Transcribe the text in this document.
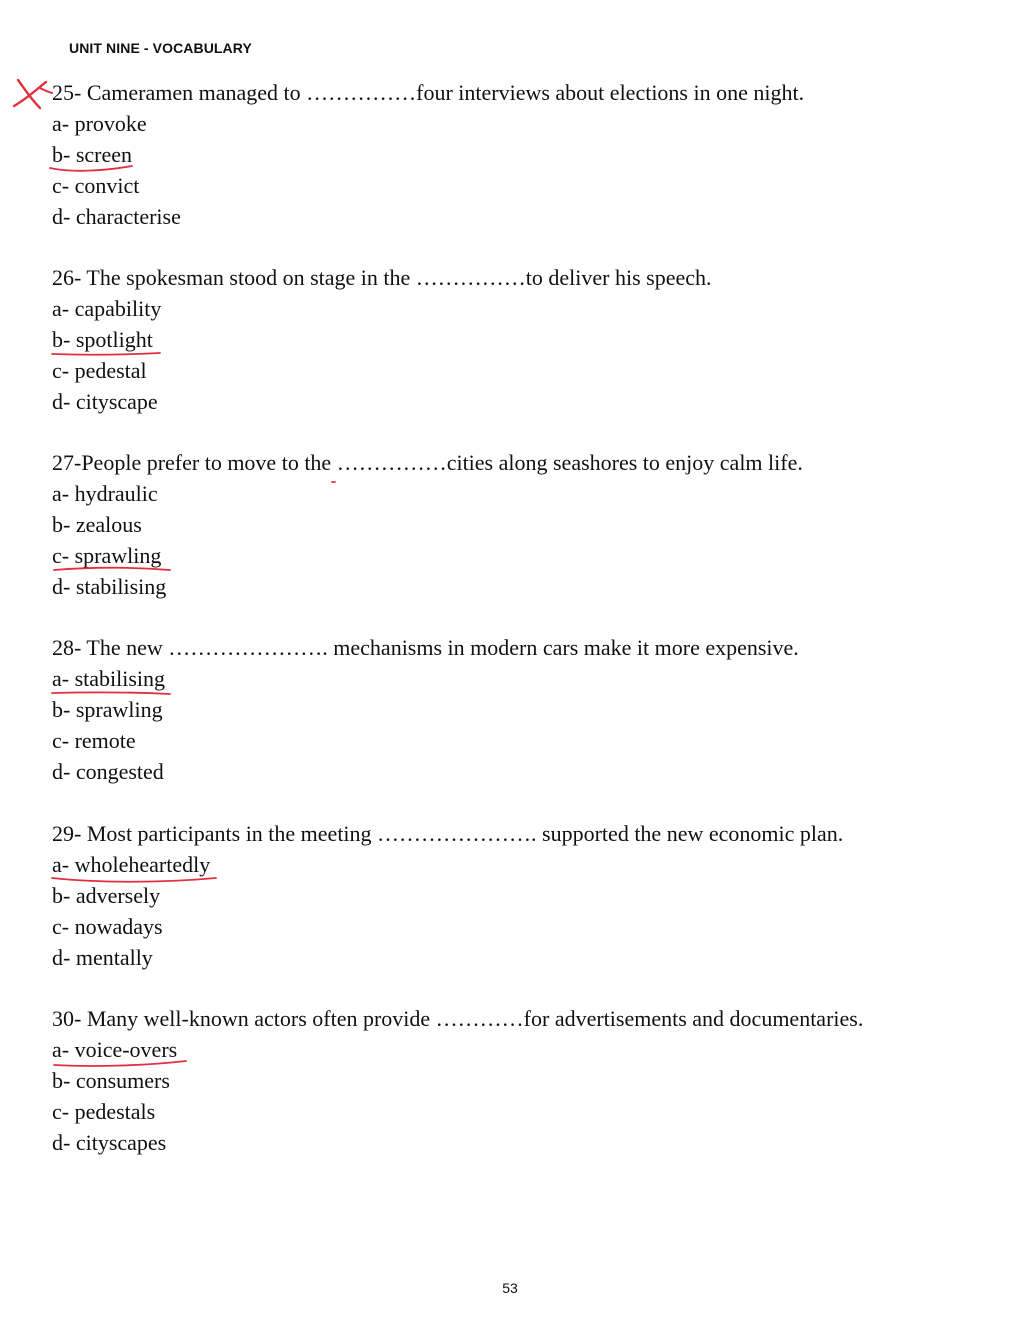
UNIT NINE - VOCABULARY
25- Cameramen managed to ……………four interviews about elections in one night.
a- provoke
b- screen
c- convict
d- characterise
26- The spokesman stood on stage in the ……………to deliver his speech.
a- capability
b- spotlight
c- pedestal
d- cityscape
27-People prefer to move to the ……………cities along seashores to enjoy calm life.
a- hydraulic
b- zealous
c- sprawling
d- stabilising
28- The new …………………. mechanisms in modern cars make it more expensive.
a- stabilising
b- sprawling
c- remote
d- congested
29- Most participants in the meeting …………………. supported the new economic plan.
a- wholeheartedly
b- adversely
c- nowadays
d- mentally
30- Many well-known actors often provide …………for advertisements and documentaries.
a- voice-overs
b- consumers
c- pedestals
d- cityscapes
53
